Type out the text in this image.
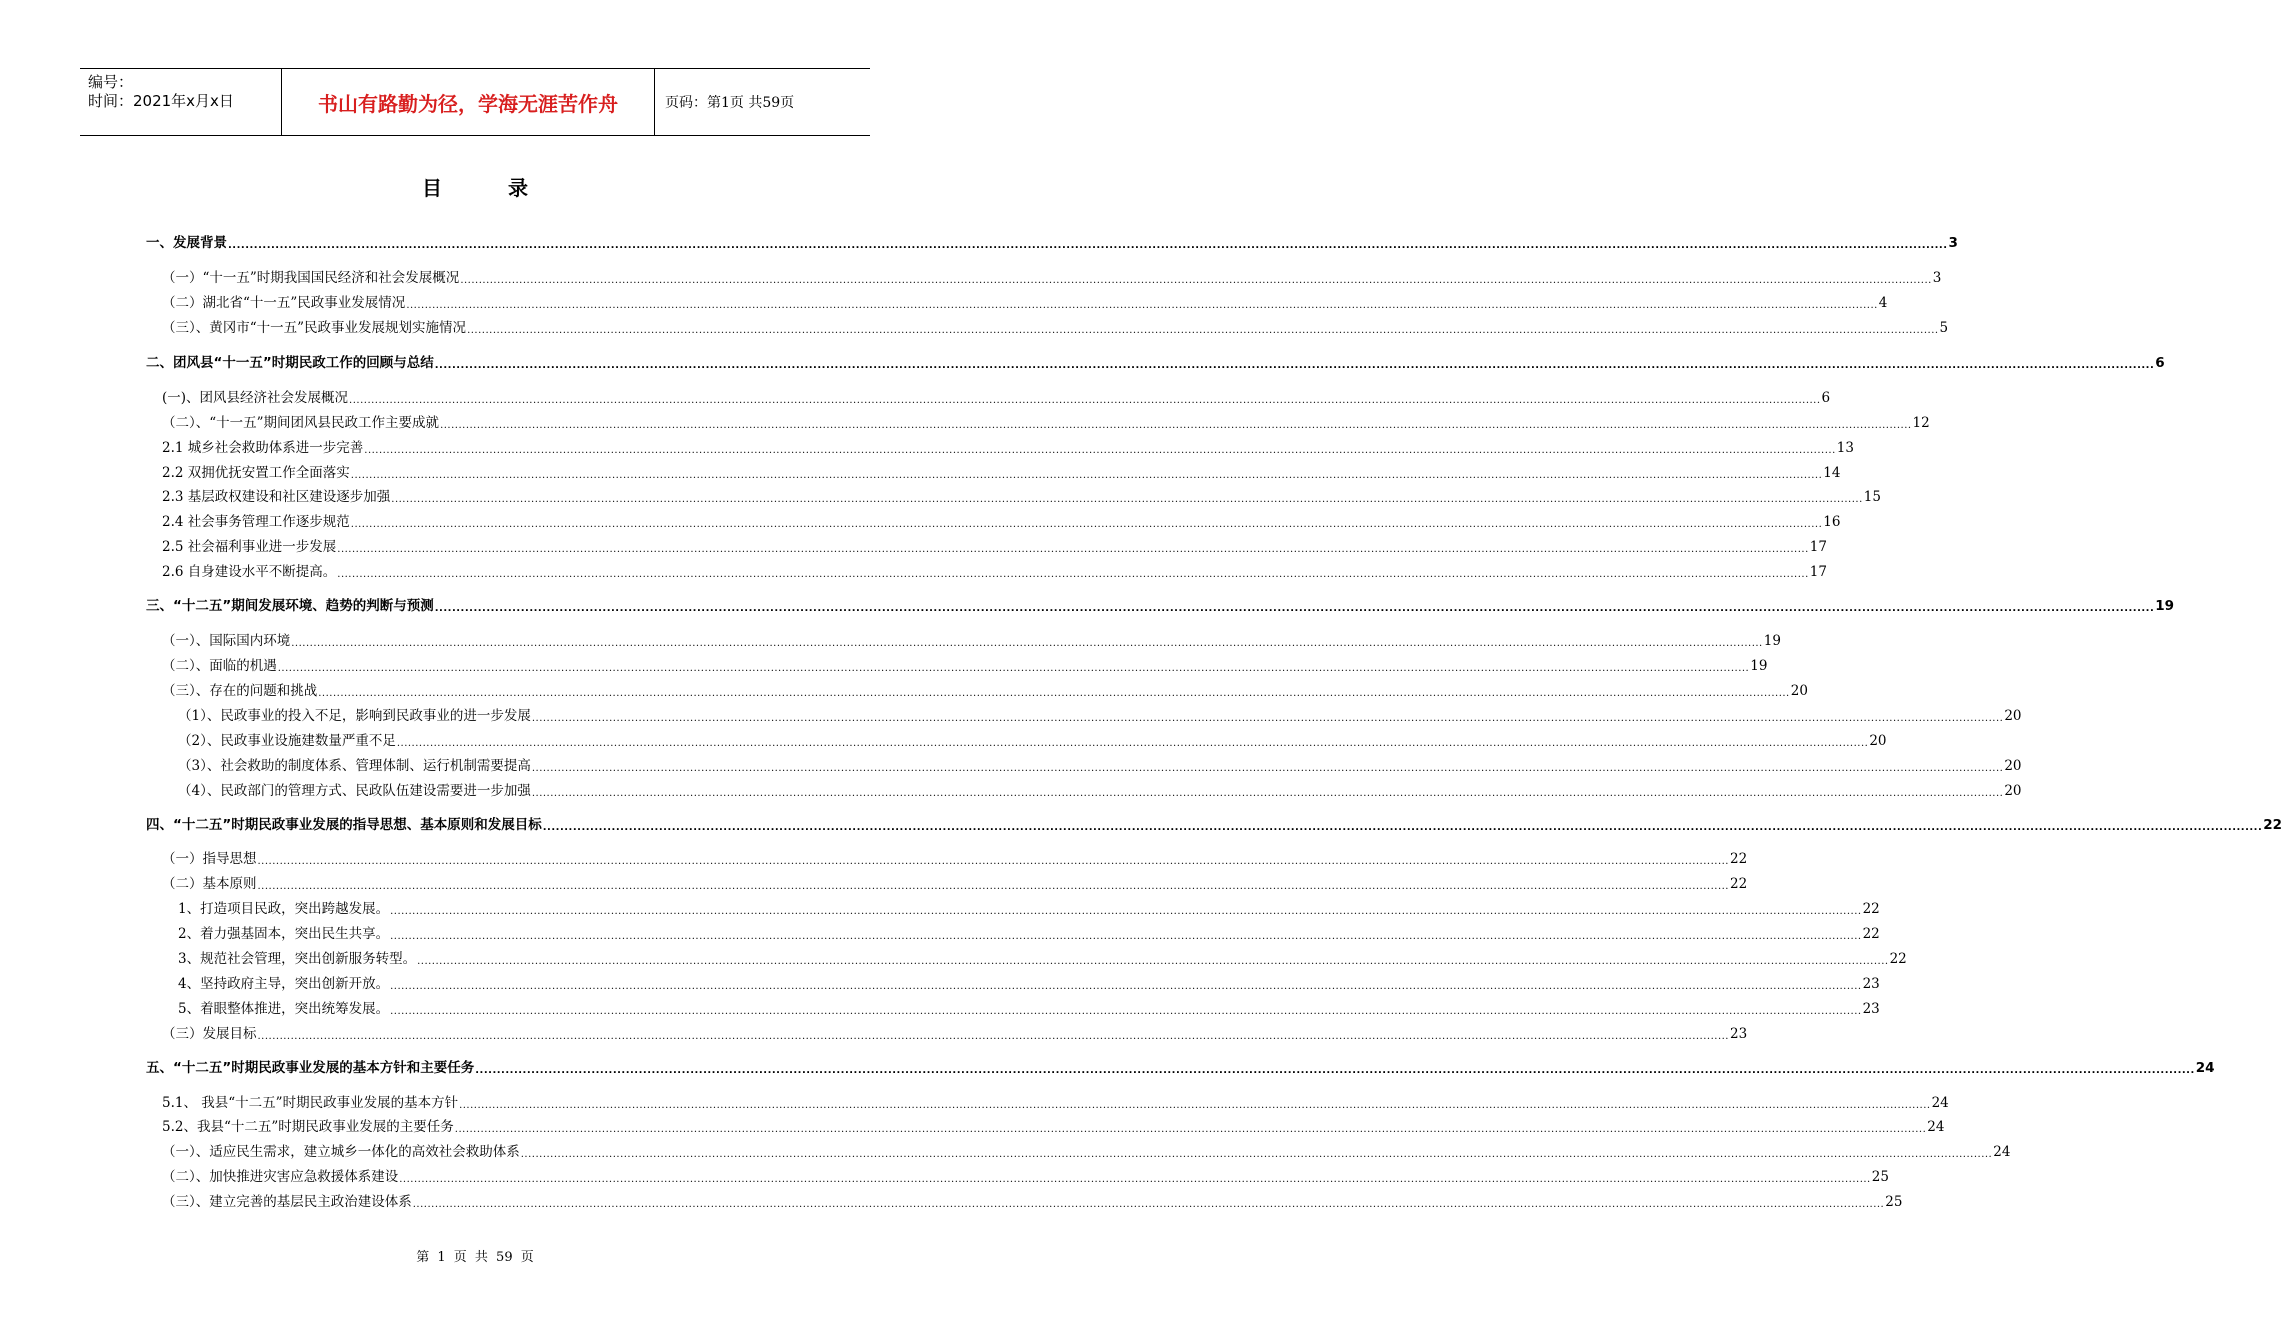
编号：
时间：2021年x月x日	书山有路勤为径，学海无涯苦作舟	页码：第1页 共59页
目录
一、发展背景 ................................................................................................................................................................................................................................................................................................................................................................................................................ 3
（一）“十一五”时期我国国民经济和社会发展概况 ................................................................................................................................................................................................................................................................................................................................................................................................................ 3
（二）湖北省“十一五”民政事业发展情况 ................................................................................................................................................................................................................................................................................................................................................................................................................ 4
（三）、黄冈市“十一五”民政事业发展规划实施情况 ................................................................................................................................................................................................................................................................................................................................................................................................................ 5
二、团风县“十一五”时期民政工作的回顾与总结 ................................................................................................................................................................................................................................................................................................................................................................................................................ 6
(一)、团风县经济社会发展概况 ................................................................................................................................................................................................................................................................................................................................................................................................................ 6
（二）、“十一五”期间团风县民政工作主要成就 ................................................................................................................................................................................................................................................................................................................................................................................................................ 12
2.1 城乡社会救助体系进一步完善 ................................................................................................................................................................................................................................................................................................................................................................................................................ 13
2.2 双拥优抚安置工作全面落实 ................................................................................................................................................................................................................................................................................................................................................................................................................ 14
2.3 基层政权建设和社区建设逐步加强 ................................................................................................................................................................................................................................................................................................................................................................................................................ 15
2.4 社会事务管理工作逐步规范 ................................................................................................................................................................................................................................................................................................................................................................................................................ 16
2.5 社会福利事业进一步发展 ................................................................................................................................................................................................................................................................................................................................................................................................................ 17
2.6 自身建设水平不断提高。 ................................................................................................................................................................................................................................................................................................................................................................................................................ 17
三、“十二五”期间发展环境、趋势的判断与预测 ................................................................................................................................................................................................................................................................................................................................................................................................................ 19
（一）、国际国内环境 ................................................................................................................................................................................................................................................................................................................................................................................................................ 19
（二）、面临的机遇 ................................................................................................................................................................................................................................................................................................................................................................................................................ 19
（三）、存在的问题和挑战 ................................................................................................................................................................................................................................................................................................................................................................................................................ 20
（1）、民政事业的投入不足，影响到民政事业的进一步发展 ................................................................................................................................................................................................................................................................................................................................................................................................................ 20
（2）、民政事业设施建数量严重不足 ................................................................................................................................................................................................................................................................................................................................................................................................................ 20
（3）、社会救助的制度体系、管理体制、运行机制需要提高 ................................................................................................................................................................................................................................................................................................................................................................................................................ 20
（4）、民政部门的管理方式、民政队伍建设需要进一步加强 ................................................................................................................................................................................................................................................................................................................................................................................................................ 20
四、“十二五”时期民政事业发展的指导思想、基本原则和发展目标 ................................................................................................................................................................................................................................................................................................................................................................................................................ 22
（一）指导思想 ................................................................................................................................................................................................................................................................................................................................................................................................................ 22
（二）基本原则 ................................................................................................................................................................................................................................................................................................................................................................................................................ 22
1、打造项目民政，突出跨越发展。 ................................................................................................................................................................................................................................................................................................................................................................................................................ 22
2、着力强基固本，突出民生共享。 ................................................................................................................................................................................................................................................................................................................................................................................................................ 22
3、规范社会管理，突出创新服务转型。 ................................................................................................................................................................................................................................................................................................................................................................................................................ 22
4、坚持政府主导，突出创新开放。 ................................................................................................................................................................................................................................................................................................................................................................................................................ 23
5、着眼整体推进，突出统筹发展。 ................................................................................................................................................................................................................................................................................................................................................................................................................ 23
（三）发展目标 ................................................................................................................................................................................................................................................................................................................................................................................................................ 23
五、“十二五”时期民政事业发展的基本方针和主要任务 ................................................................................................................................................................................................................................................................................................................................................................................................................ 24
5.1、 我县“十二五”时期民政事业发展的基本方针 ................................................................................................................................................................................................................................................................................................................................................................................................................ 24
5.2、我县“十二五”时期民政事业发展的主要任务 ................................................................................................................................................................................................................................................................................................................................................................................................................ 24
（一）、适应民生需求，建立城乡一体化的高效社会救助体系 ................................................................................................................................................................................................................................................................................................................................................................................................................ 24
（二）、加快推进灾害应急救援体系建设 ................................................................................................................................................................................................................................................................................................................................................................................................................ 25
（三）、建立完善的基层民主政治建设体系 ................................................................................................................................................................................................................................................................................................................................................................................................................ 25
第 1 页 共 59 页
